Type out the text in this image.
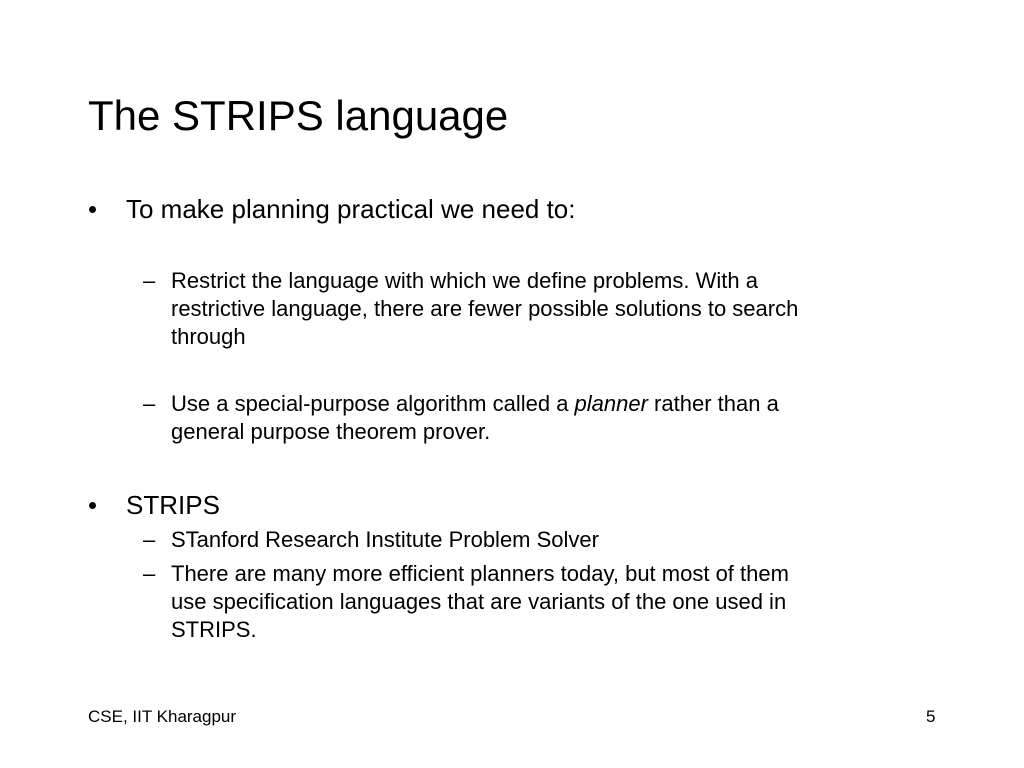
The STRIPS language
• To make planning practical we need to:
– Restrict the language with which we define problems. With a
restrictive language, there are fewer possible solutions to search
through
– Use a special-purpose algorithm called a planner rather than a
general purpose theorem prover.
• STRIPS
– STanford Research Institute Problem Solver
– There are many more efficient planners today, but most of them
use specification languages that are variants of the one used in
STRIPS.
CSE, IIT Kharagpur	5
